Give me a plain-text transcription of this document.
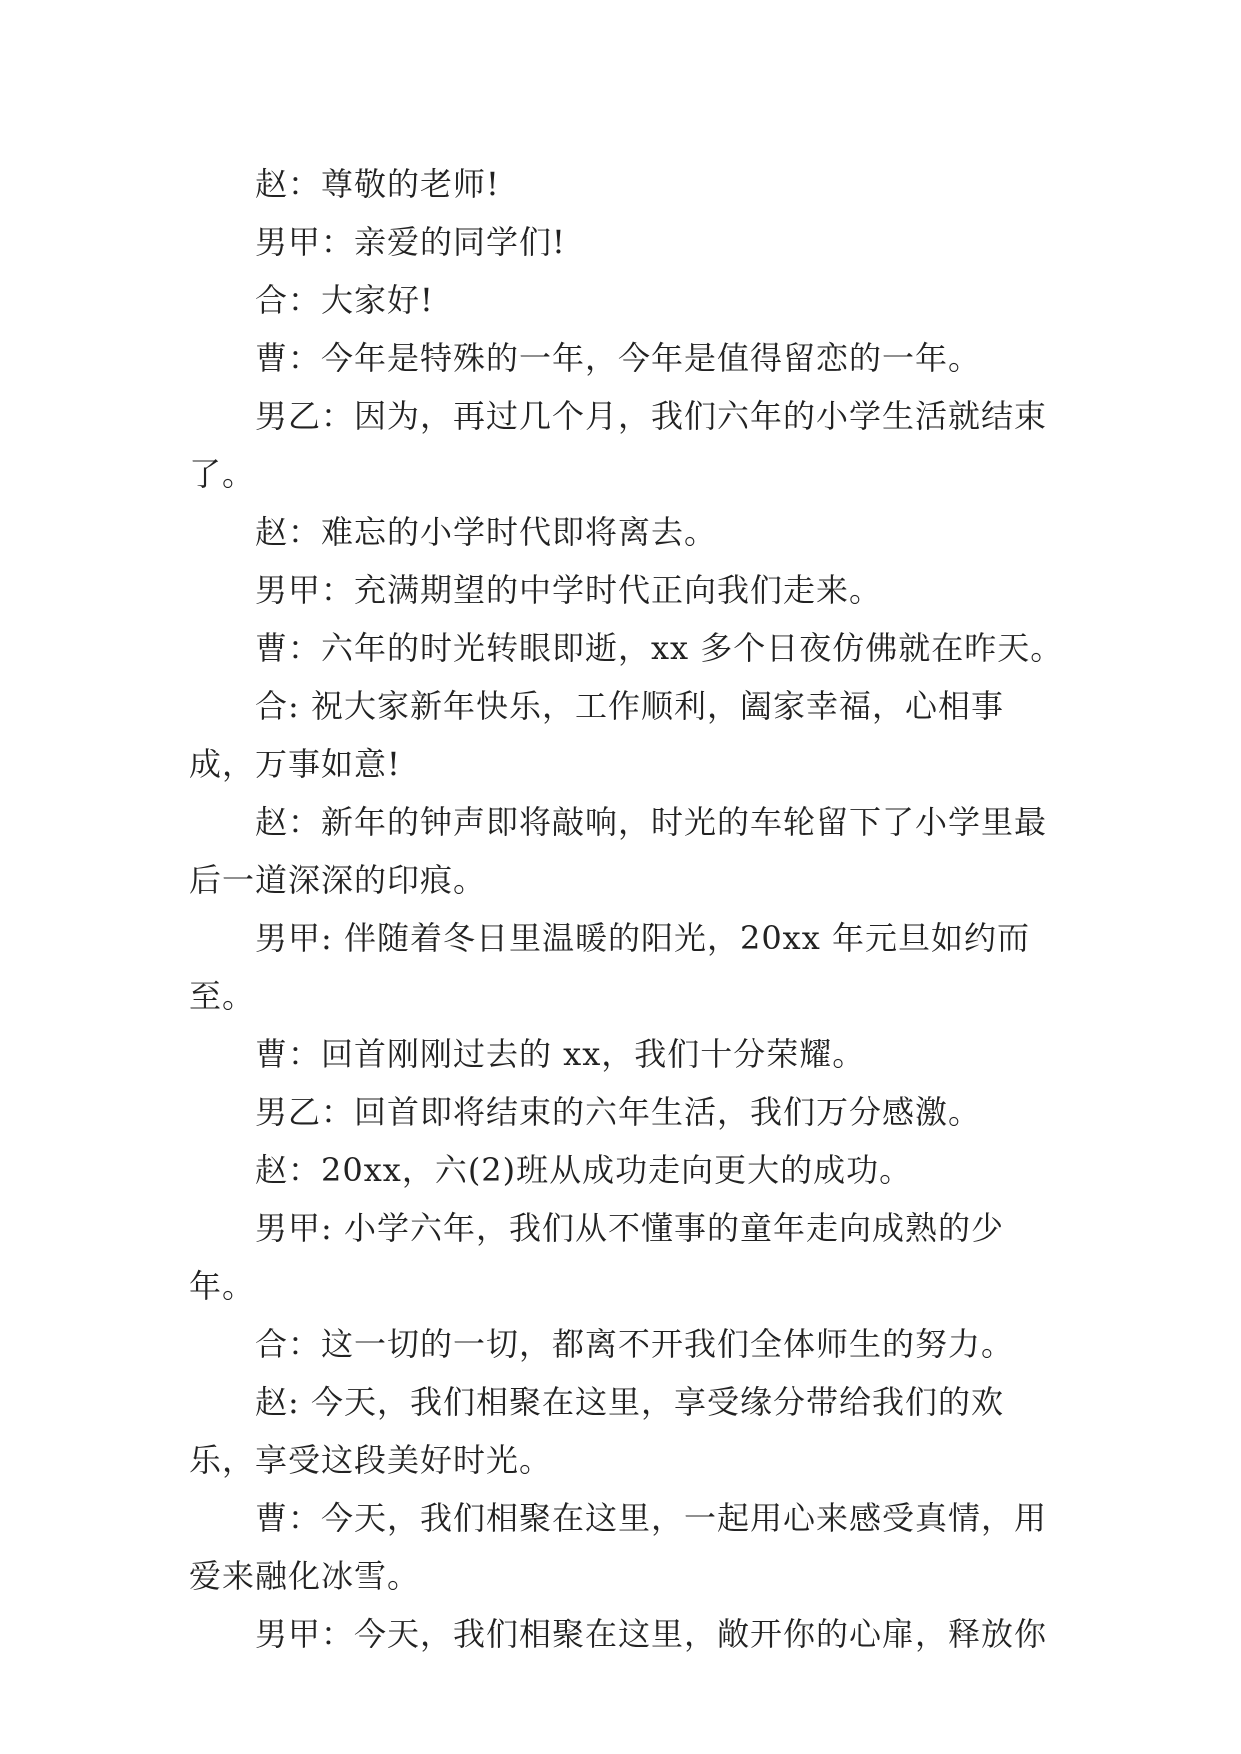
赵：尊敬的老师!

男甲：亲爱的同学们!

合：大家好!

曹：今年是特殊的一年，今年是值得留恋的一年。

男乙：因为，再过几个月，我们六年的小学生活就结束了。

赵：难忘的小学时代即将离去。

男甲：充满期望的中学时代正向我们走来。

曹：六年的时光转眼即逝，xx 多个日夜仿佛就在昨天。

合: 祝大家新年快乐，工作顺利，阖家幸福，心相事成，万事如意!

赵：新年的钟声即将敲响，时光的车轮留下了小学里最后一道深深的印痕。

男甲: 伴随着冬日里温暖的阳光，20xx 年元旦如约而至。

曹：回首刚刚过去的 xx，我们十分荣耀。

男乙：回首即将结束的六年生活，我们万分感激。

赵：20xx，六(2)班从成功走向更大的成功。

男甲: 小学六年，我们从不懂事的童年走向成熟的少年。

合：这一切的一切，都离不开我们全体师生的努力。

赵: 今天，我们相聚在这里，享受缘分带给我们的欢乐，享受这段美好时光。

曹：今天，我们相聚在这里，一起用心来感受真情，用爱来融化冰雪。

男甲：今天，我们相聚在这里，敞开你的心扉，释放你
